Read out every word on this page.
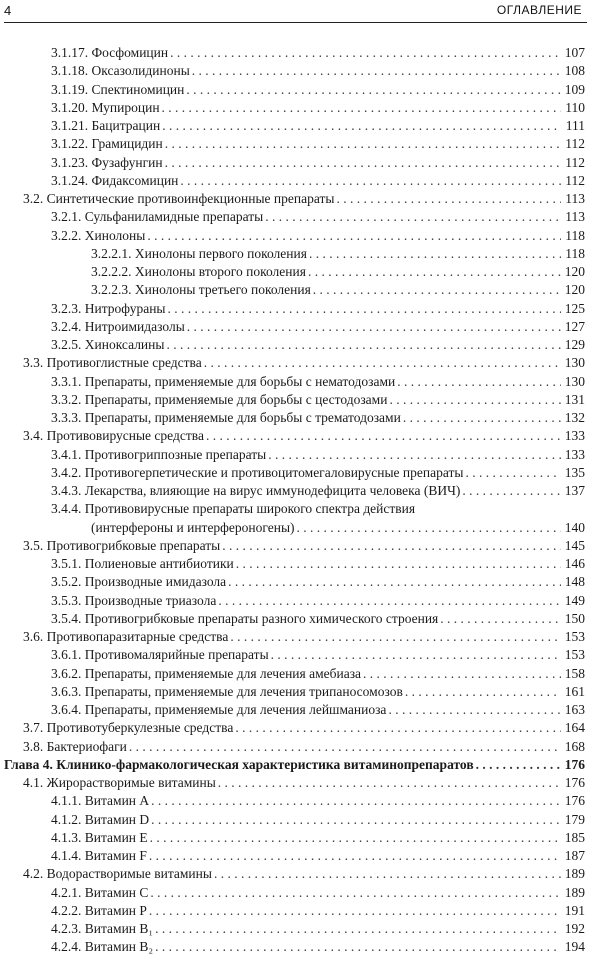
4	ОГЛАВЛЕНИЕ
3.1.17. Фосфомицин . . .	107
3.1.18. Оксазолидиноны . . .	108
3.1.19. Спектиномицин . . .	109
3.1.20. Мупироцин . . .	110
3.1.21. Бацитрацин . . .	111
3.1.22. Грамицидин . . .	112
3.1.23. Фузафунгин . . .	112
3.1.24. Фидаксомицин . . .	112
3.2. Синтетические противоинфекционные препараты . . .	113
3.2.1. Сульфаниламидные препараты . . .	113
3.2.2. Хинолоны . . .	118
3.2.2.1. Хинолоны первого поколения . . .	118
3.2.2.2. Хинолоны второго поколения . . .	120
3.2.2.3. Хинолоны третьего поколения . . .	120
3.2.3. Нитрофураны . . .	125
3.2.4. Нитроимидазолы . . .	127
3.2.5. Хиноксалины . . .	129
3.3. Противоглистные средства . . .	130
3.3.1. Препараты, применяемые для борьбы с нематодозами . . .	130
3.3.2. Препараты, применяемые для борьбы с цестодозами . . .	131
3.3.3. Препараты, применяемые для борьбы с трематодозами . . .	132
3.4. Противовирусные средства . . .	133
3.4.1. Противогриппозные препараты . . .	133
3.4.2. Противогерпетические и противоцитомегаловирусные препараты . . .	135
3.4.3. Лекарства, влияющие на вирус иммунодефицита человека (ВИЧ) . . .	137
3.4.4. Противовирусные препараты широкого спектра действия
(интерфероны и интерфероногены) . . .	140
3.5. Противогрибковые препараты . . .	145
3.5.1. Полиеновые антибиотики . . .	146
3.5.2. Производные имидазола . . .	148
3.5.3. Производные триазола . . .	149
3.5.4. Противогрибковые препараты разного химического строения . . .	150
3.6. Противопаразитарные средства . . .	153
3.6.1. Противомалярийные препараты . . .	153
3.6.2. Препараты, применяемые для лечения амебиаза . . .	158
3.6.3. Препараты, применяемые для лечения трипаносомозов . . .	161
3.6.4. Препараты, применяемые для лечения лейшманиоза . . .	163
3.7. Противотуберкулезные средства . . .	164
3.8. Бактериофаги . . .	168
Глава 4. Клинико-фармакологическая характеристика витаминопрепаратов . . .	176
4.1. Жирорастворимые витамины . . .	176
4.1.1. Витамин А . . .	176
4.1.2. Витамин D . . .	179
4.1.3. Витамин Е . . .	185
4.1.4. Витамин F . . .	187
4.2. Водорастворимые витамины . . .	189
4.2.1. Витамин С . . .	189
4.2.2. Витамин Р . . .	191
4.2.3. Витамин В₁ . . .	192
4.2.4. Витамин В₂ . . .	194
